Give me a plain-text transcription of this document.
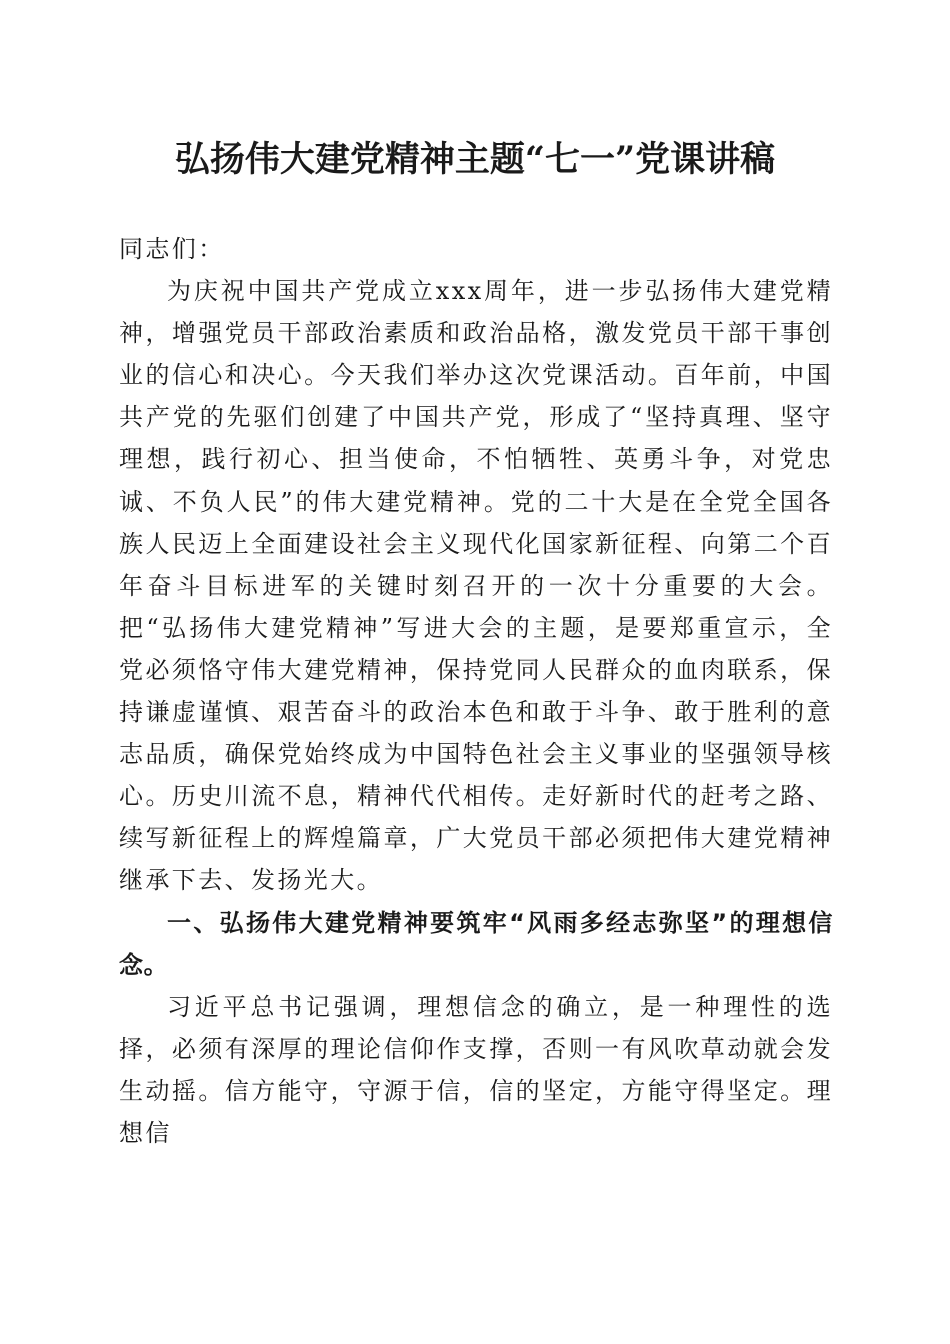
弘扬伟大建党精神主题“七一”党课讲稿

同志们：

为庆祝中国共产党成立xxx周年，进一步弘扬伟大建党精神，增强党员干部政治素质和政治品格，激发党员干部干事创业的信心和决心。今天我们举办这次党课活动。百年前，中国共产党的先驱们创建了中国共产党，形成了“坚持真理、坚守理想，践行初心、担当使命，不怕牺牲、英勇斗争，对党忠诚、不负人民”的伟大建党精神。党的二十大是在全党全国各族人民迈上全面建设社会主义现代化国家新征程、向第二个百年奋斗目标进军的关键时刻召开的一次十分重要的大会。把“弘扬伟大建党精神”写进大会的主题，是要郑重宣示，全党必须恪守伟大建党精神，保持党同人民群众的血肉联系，保持谦虚谨慎、艰苦奋斗的政治本色和敢于斗争、敢于胜利的意志品质，确保党始终成为中国特色社会主义事业的坚强领导核心。历史川流不息，精神代代相传。走好新时代的赶考之路、续写新征程上的辉煌篇章，广大党员干部必须把伟大建党精神继承下去、发扬光大。

一、弘扬伟大建党精神要筑牢“风雨多经志弥坚”的理想信念。

习近平总书记强调，理想信念的确立，是一种理性的选择，必须有深厚的理论信仰作支撑，否则一有风吹草动就会发生动摇。信方能守，守源于信，信的坚定，方能守得坚定。理想信
